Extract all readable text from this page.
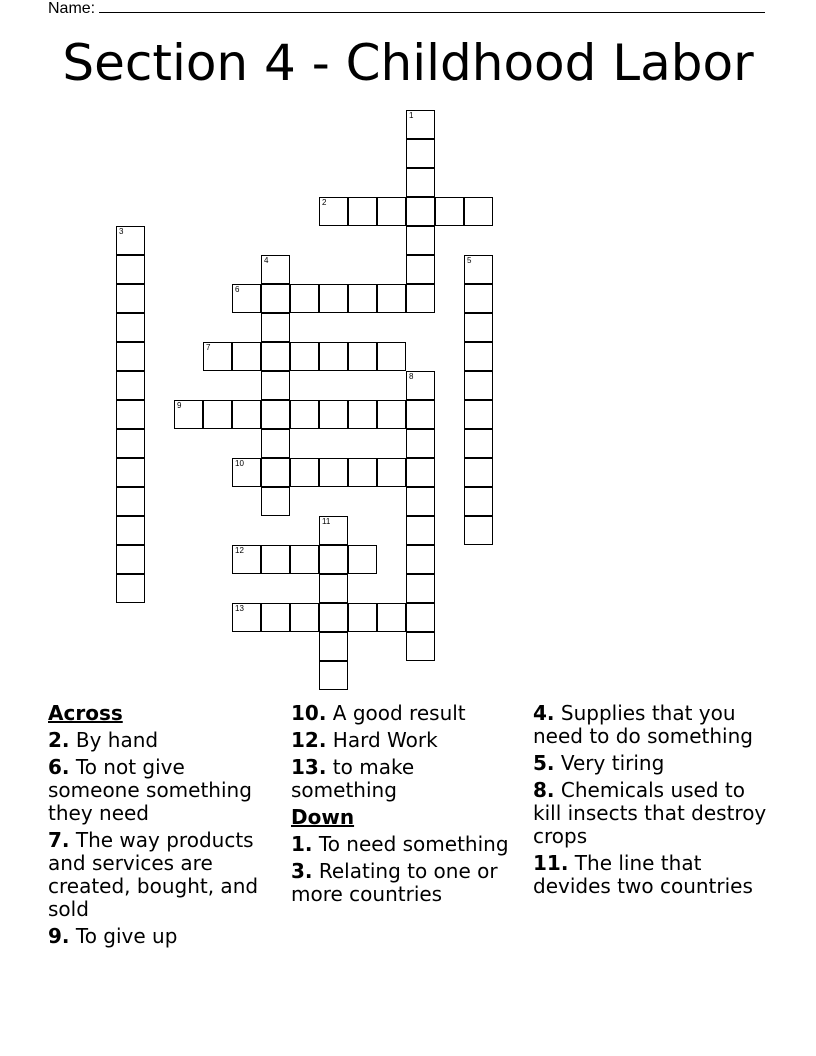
Name:
Section 4 - Childhood Labor
1
2
3
4	5
6
7
8
9
10
11
12
13
Across
2. By hand
6. To not give someone something they need
7. The way products and services are created, bought, and sold
9. To give up
10. A good result
12. Hard Work
13. to make something
Down
1. To need something
3. Relating to one or more countries
4. Supplies that you need to do something
5. Very tiring
8. Chemicals used to kill insects that destroy crops
11. The line that devides two countries
